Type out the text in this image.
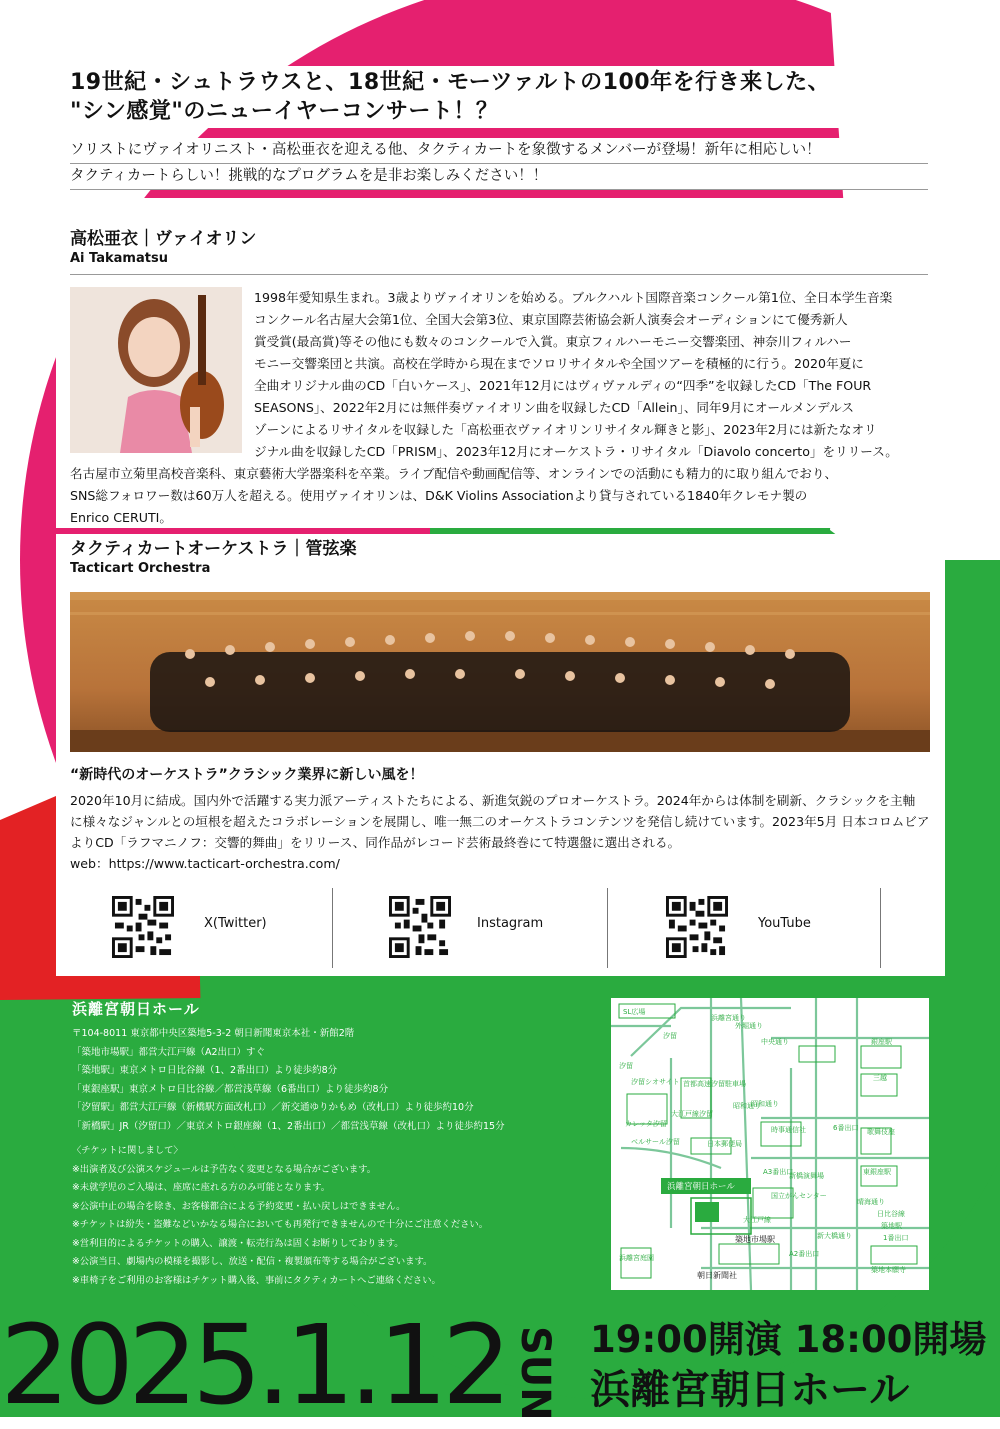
19世紀・シュトラウスと、18世紀・モーツァルトの100年を行き来した、
"シン感覚"のニューイヤーコンサート！？
ソリストにヴァイオリニスト・高松亜衣を迎える他、タクティカートを象徴するメンバーが登場！新年に相応しい！
タクティカートらしい！挑戦的なプログラムを是非お楽しみください！！
高松亜衣｜ヴァイオリン
Ai Takamatsu
1998年愛知県生まれ。3歳よりヴァイオリンを始める。ブルクハルト国際音楽コンクール第1位、全日本学生音楽
コンクール名古屋大会第1位、全国大会第3位、東京国際芸術協会新人演奏会オーディションにて優秀新人
賞受賞(最高賞)等その他にも数々のコンクールで入賞。東京フィルハーモニー交響楽団、神奈川フィルハー
モニー交響楽団と共演。高校在学時から現在までソロリサイタルや全国ツアーを積極的に行う。2020年夏に
全曲オリジナル曲のCD「白いケース」、2021年12月にはヴィヴァルディの“四季”を収録したCD「The FOUR
SEASONS」、2022年2月には無伴奏ヴァイオリン曲を収録したCD「Allein」、同年9月にオールメンデルス
ゾーンによるリサイタルを収録した「高松亜衣ヴァイオリンリサイタル輝きと影」、2023年2月には新たなオリ
ジナル曲を収録したCD「PRISM」、2023年12月にオーケストラ・リサイタル「Diavolo concerto」をリリース。
名古屋市立菊里高校音楽科、東京藝術大学器楽科を卒業。ライブ配信や動画配信等、オンラインでの活動にも精力的に取り組んでおり、
SNS総フォロワー数は60万人を超える。使用ヴァイオリンは、D&K Violins Associationより貸与されている1840年クレモナ製の
Enrico CERUTI。
タクティカートオーケストラ｜管弦楽
Tacticart Orchestra
“新時代のオーケストラ”クラシック業界に新しい風を！
2020年10月に結成。国内外で活躍する実力派アーティストたちによる、新進気鋭のプロオーケストラ。2024年からは体制を刷新、クラシックを主軸
に様々なジャンルとの垣根を超えたコラボレーションを展開し、唯一無二のオーケストラコンテンツを発信し続けています。2023年5月 日本コロムビア
よりCD「ラフマニノフ：交響的舞曲」をリリース、同作品がレコード芸術最終巻にて特選盤に選出される。
web：https://www.tacticart-orchestra.com/
X(Twitter)	Instagram	YouTube
浜離宮朝日ホール
〒104-8011 東京都中央区築地5-3-2 朝日新聞東京本社・新館2階
「築地市場駅」都営大江戸線（A2出口）すぐ
「築地駅」東京メトロ日比谷線（1、2番出口）より徒歩約8分
「東銀座駅」東京メトロ日比谷線／都営浅草線（6番出口）より徒歩約8分
「汐留駅」都営大江戸線（新橋駅方面改札口）／新交通ゆりかもめ（改札口）より徒歩約10分
「新橋駅」JR（汐留口）／東京メトロ銀座線（1、2番出口）／都営浅草線（改札口）より徒歩約15分
〈チケットに関しまして〉
※出演者及び公演スケジュールは予告なく変更となる場合がございます。
※未就学児のご入場は、座席に座れる方のみ可能となります。
※公演中止の場合を除き、お客様都合による予約変更・払い戻しはできません。
※チケットは紛失・盗難などいかなる場合においても再発行できませんので十分にご注意ください。
※営利目的によるチケットの購入、譲渡・転売行為は固くお断りしております。
※公演当日、劇場内の模様を撮影し、放送・配信・複製頒布等する場合がございます。
※車椅子をご利用のお客様はチケット購入後、事前にタクティカートへご連絡ください。
SL広場
汐留
汐留
浜離宮通り
外堀通り
昭和通り
中央通り	銀座駅
三越
汐留シオサイト 首都高速汐留駐車場
大江戸線汐留
カレッタ汐留
昭和通り
日本郵便局
時事通信社	6番出口 歌舞伎座
ベルサール汐留
A3番出口
新橋演舞場	東銀座駅
浜離宮朝日ホール
国立がんセンター
晴海通り
日比谷線
築地駅
大江戸線
築地市場駅	新大橋通り
A2番出口
1番出口
浜離宮庭園
朝日新聞社
築地本願寺
2025.1.12 SUN 19:00開演 18:00開場
浜離宮朝日ホール
